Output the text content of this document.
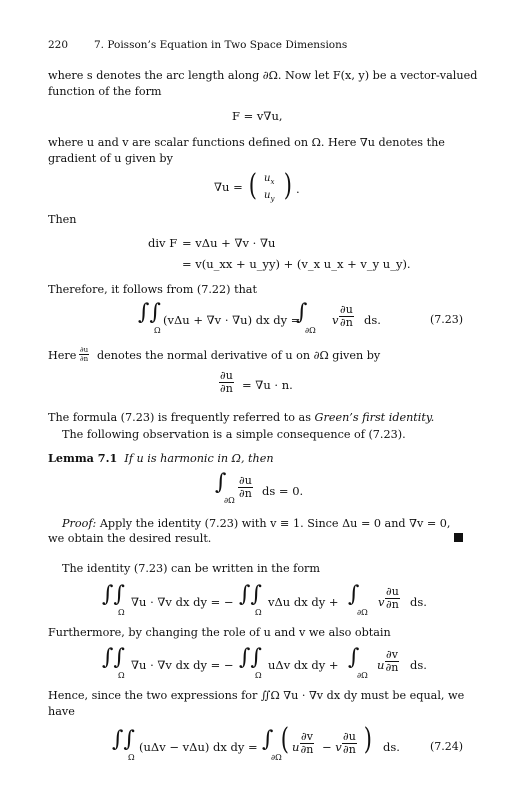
220 7. Poisson’s Equation in Two Space Dimensions
where s denotes the arc length along ∂Ω. Now let F(x, y) be a vector-valued
function of the form
F = v∇u,
where u and v are scalar functions defined on Ω. Here ∇u denotes the
gradient of u given by
∇u = ( $u_x$
$u_y$ ) .
Then
div F = vΔu + ∇v · ∇u
= v(u_xx + u_yy) + (v_x u_x + v_y u_y).
Therefore, it follows from (7.22) that
∫∫
Ω
(vΔu + ∇v · ∇u) dx dy =
∫
∂Ω
v $\frac{\partial u}{\partial n}$ ds.	(7.23)
Here $\frac{\partial u}{\partial n}$ denotes the normal derivative of u on ∂Ω given by
$\frac{\partial u}{\partial n} = \nabla u \cdot n$.
The formula (7.23) is frequently referred to as Green’s first identity.
The following observation is a simple consequence of (7.23).
Lemma 7.1 If u is harmonic in Ω, then
∫
∂Ω
$\frac{\partial u}{\partial n}$ ds = 0.
Proof: Apply the identity (7.23) with v ≡ 1. Since Δu = 0 and ∇v = 0,
we obtain the desired result.
The identity (7.23) can be written in the form
∫∫
Ω
∇u · ∇v dx dy = − ∫∫
Ω
vΔu dx dy + ∫
∂Ω
v $\frac{\partial u}{\partial n}$ ds.
Furthermore, by changing the role of u and v we also obtain
∫∫
Ω
∇u · ∇v dx dy = − ∫∫
Ω
uΔv dx dy + ∫
∂Ω
u $\frac{\partial v}{\partial n}$ ds.
Hence, since the two expressions for ∬Ω ∇u · ∇v dx dy must be equal, we
have
∫∫
Ω
(uΔv − vΔu) dx dy = ∫
∂Ω
( u $\frac{\partial v}{\partial n} - v \frac{\partial u}{\partial n}$ ) ds.	(7.24)
